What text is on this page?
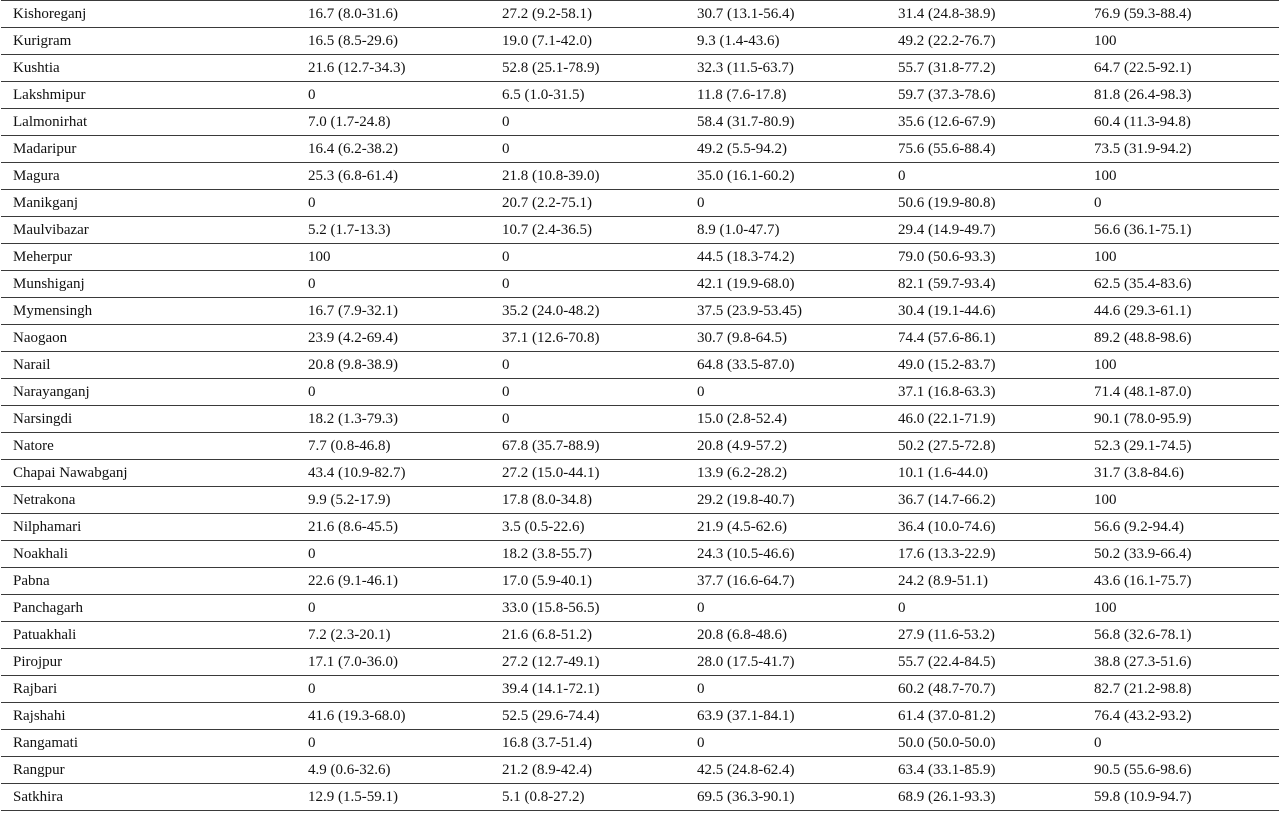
Kishoreganj	16.7 (8.0-31.6)	27.2 (9.2-58.1)	30.7 (13.1-56.4)	31.4 (24.8-38.9)	76.9 (59.3-88.4)
Kurigram	16.5 (8.5-29.6)	19.0 (7.1-42.0)	9.3 (1.4-43.6)	49.2 (22.2-76.7)	100
Kushtia	21.6 (12.7-34.3)	52.8 (25.1-78.9)	32.3 (11.5-63.7)	55.7 (31.8-77.2)	64.7 (22.5-92.1)
Lakshmipur	0	6.5 (1.0-31.5)	11.8 (7.6-17.8)	59.7 (37.3-78.6)	81.8 (26.4-98.3)
Lalmonirhat	7.0 (1.7-24.8)	0	58.4 (31.7-80.9)	35.6 (12.6-67.9)	60.4 (11.3-94.8)
Madaripur	16.4 (6.2-38.2)	0	49.2 (5.5-94.2)	75.6 (55.6-88.4)	73.5 (31.9-94.2)
Magura	25.3 (6.8-61.4)	21.8 (10.8-39.0)	35.0 (16.1-60.2)	0	100
Manikganj	0	20.7 (2.2-75.1)	0	50.6 (19.9-80.8)	0
Maulvibazar	5.2 (1.7-13.3)	10.7 (2.4-36.5)	8.9 (1.0-47.7)	29.4 (14.9-49.7)	56.6 (36.1-75.1)
Meherpur	100	0	44.5 (18.3-74.2)	79.0 (50.6-93.3)	100
Munshiganj	0	0	42.1 (19.9-68.0)	82.1 (59.7-93.4)	62.5 (35.4-83.6)
Mymensingh	16.7 (7.9-32.1)	35.2 (24.0-48.2)	37.5 (23.9-53.45)	30.4 (19.1-44.6)	44.6 (29.3-61.1)
Naogaon	23.9 (4.2-69.4)	37.1 (12.6-70.8)	30.7 (9.8-64.5)	74.4 (57.6-86.1)	89.2 (48.8-98.6)
Narail	20.8 (9.8-38.9)	0	64.8 (33.5-87.0)	49.0 (15.2-83.7)	100
Narayanganj	0	0	0	37.1 (16.8-63.3)	71.4 (48.1-87.0)
Narsingdi	18.2 (1.3-79.3)	0	15.0 (2.8-52.4)	46.0 (22.1-71.9)	90.1 (78.0-95.9)
Natore	7.7 (0.8-46.8)	67.8 (35.7-88.9)	20.8 (4.9-57.2)	50.2 (27.5-72.8)	52.3 (29.1-74.5)
Chapai Nawabganj	43.4 (10.9-82.7)	27.2 (15.0-44.1)	13.9 (6.2-28.2)	10.1 (1.6-44.0)	31.7 (3.8-84.6)
Netrakona	9.9 (5.2-17.9)	17.8 (8.0-34.8)	29.2 (19.8-40.7)	36.7 (14.7-66.2)	100
Nilphamari	21.6 (8.6-45.5)	3.5 (0.5-22.6)	21.9 (4.5-62.6)	36.4 (10.0-74.6)	56.6 (9.2-94.4)
Noakhali	0	18.2 (3.8-55.7)	24.3 (10.5-46.6)	17.6 (13.3-22.9)	50.2 (33.9-66.4)
Pabna	22.6 (9.1-46.1)	17.0 (5.9-40.1)	37.7 (16.6-64.7)	24.2 (8.9-51.1)	43.6 (16.1-75.7)
Panchagarh	0	33.0 (15.8-56.5)	0	0	100
Patuakhali	7.2 (2.3-20.1)	21.6 (6.8-51.2)	20.8 (6.8-48.6)	27.9 (11.6-53.2)	56.8 (32.6-78.1)
Pirojpur	17.1 (7.0-36.0)	27.2 (12.7-49.1)	28.0 (17.5-41.7)	55.7 (22.4-84.5)	38.8 (27.3-51.6)
Rajbari	0	39.4 (14.1-72.1)	0	60.2 (48.7-70.7)	82.7 (21.2-98.8)
Rajshahi	41.6 (19.3-68.0)	52.5 (29.6-74.4)	63.9 (37.1-84.1)	61.4 (37.0-81.2)	76.4 (43.2-93.2)
Rangamati	0	16.8 (3.7-51.4)	0	50.0 (50.0-50.0)	0
Rangpur	4.9 (0.6-32.6)	21.2 (8.9-42.4)	42.5 (24.8-62.4)	63.4 (33.1-85.9)	90.5 (55.6-98.6)
Satkhira	12.9 (1.5-59.1)	5.1 (0.8-27.2)	69.5 (36.3-90.1)	68.9 (26.1-93.3)	59.8 (10.9-94.7)
